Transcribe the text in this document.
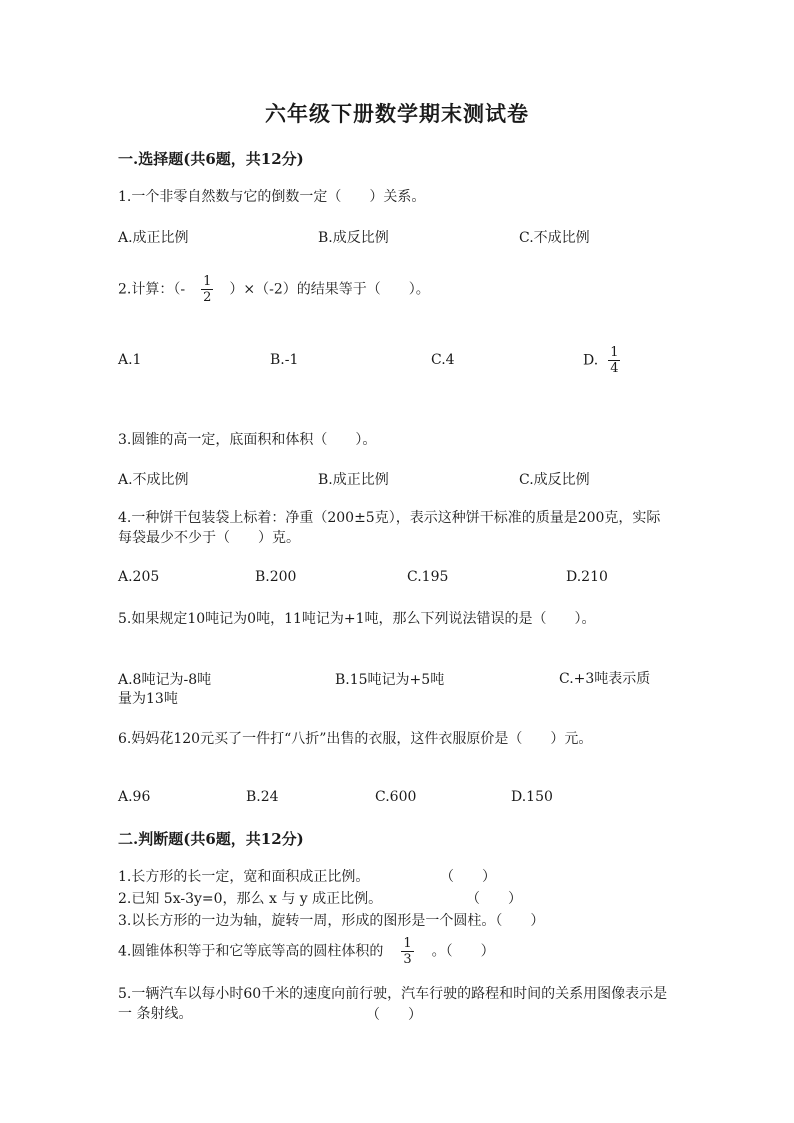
六年级下册数学期末测试卷
一.选择题(共6题，共12分)
1.一个非零自然数与它的倒数一定（　　）关系。
A.成正比例	B.成反比例	C.不成比例
2.计算：（- $\frac{1}{2} )\times(-2)$的结果等于（　　）。
A.1	B.-1	C.4	D. $\frac{1}{4}$
3.圆锥的高一定，底面积和体积（　　）。
A.不成比例	B.成正比例	C.成反比例
4.一种饼干包装袋上标着：净重（200±5克），表示这种饼干标准的质量是200克，实际每袋最少不少于（　　）克。
A.205	B.200	C.195	D.210
5.如果规定10吨记为0吨，11吨记为+1吨，那么下列说法错误的是（　　）。
A.8吨记为-8吨	B.15吨记为+5吨	C.+3吨表示质量为13吨
6.妈妈花120元买了一件打“八折”出售的衣服，这件衣服原价是（　　）元。
A.96	B.24	C.600	D.150
二.判断题(共6题，共12分)
1.长方形的长一定，宽和面积成正比例。	（　　）
2.已知 5x-3y=0，那么 x 与 y 成正比例。	（　　）
3.以长方形的一边为轴，旋转一周，形成的图形是一个圆柱。（　　）
4.圆锥体积等于和它等底等高的圆柱体积的 $\frac{1}{3}$ 。（　　）
5.一辆汽车以每小时60千米的速度向前行驶，汽车行驶的路程和时间的关系用图像表示是一 条射线。	（　　）
